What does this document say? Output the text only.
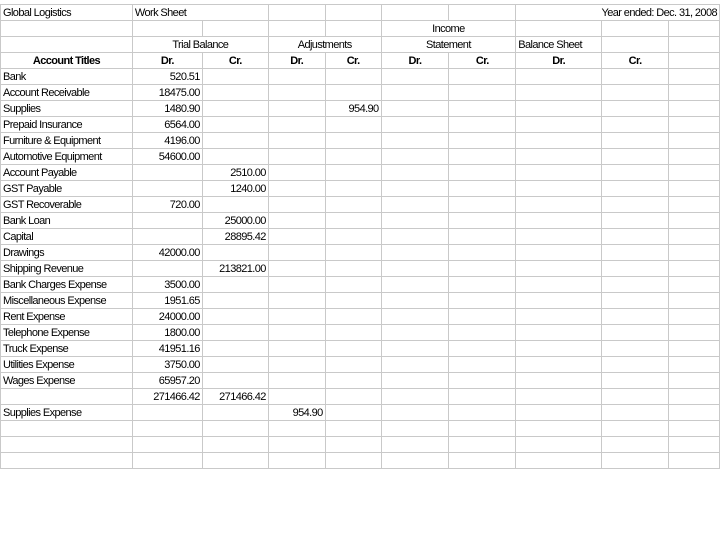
Global Logistics	Work Sheet						Year ended: Dec. 31, 2008		
					Income				
	Trial Balance		Adjustments		Statement		Balance Sheet		
Account Titles	Dr.	Cr.	Dr.	Cr.	Dr.	Cr.	Dr.	Cr.	
Bank	520.51								
Account Receivable	18475.00								
Supplies	1480.90			954.90					
Prepaid Insurance	6564.00								
Furniture & Equipment	4196.00								
Automotive Equipment	54600.00								
Account Payable		2510.00							
GST Payable		1240.00							
GST Recoverable	720.00								
Bank Loan		25000.00							
Capital		28895.42							
Drawings	42000.00								
Shipping Revenue		213821.00							
Bank Charges Expense	3500.00								
Miscellaneous Expense	1951.65								
Rent Expense	24000.00								
Telephone Expense	1800.00								
Truck Expense	41951.16								
Utilities Expense	3750.00								
Wages Expense	65957.20								
	271466.42	271466.42							
Supplies Expense			954.90						
